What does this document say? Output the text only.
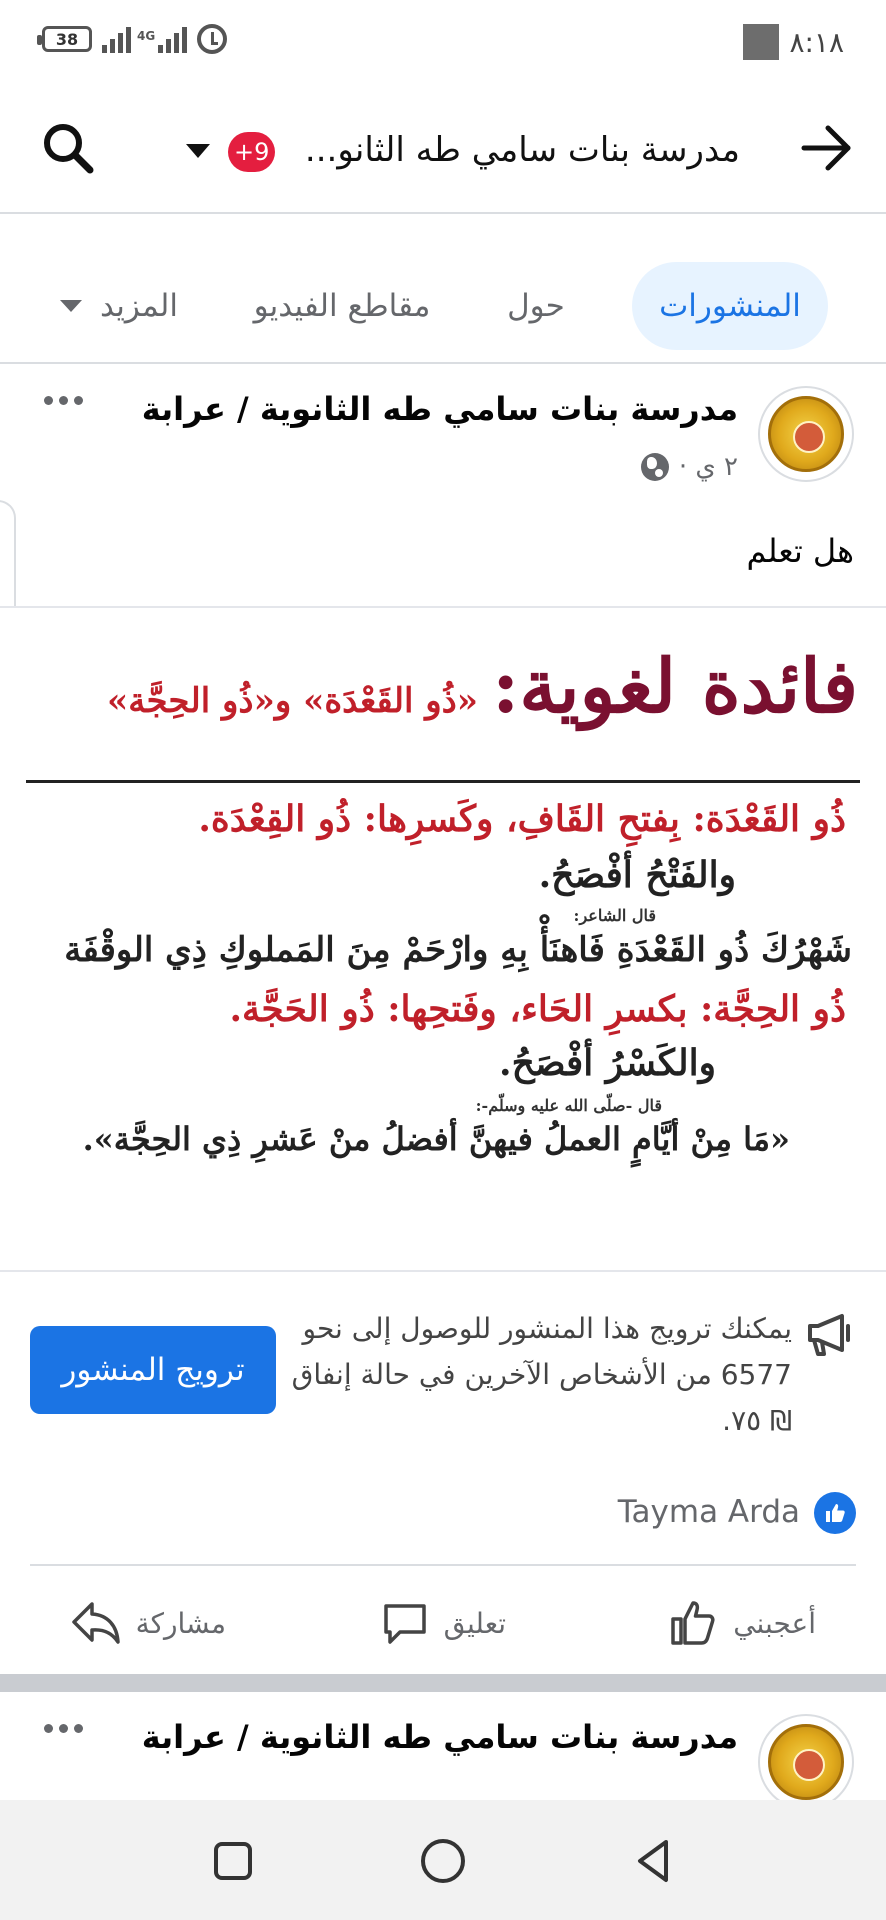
38	4G	٨:١٨
مدرسة بنات سامي طه الثانو...
+9
المنشورات
حول
مقاطع الفيديو
المزيد
مدرسة بنات سامي طه الثانوية / عرابة
٢ ي ·
هل تعلم
فائدة لغوية:
«ذُو القَعْدَة» و«ذُو الحِجَّة»
ذُو القَعْدَة: بِفتحِ القَافِ، وكَسرِها: ذُو القِعْدَة.
والفَتْحُ أفْصَحُ.
قال الشاعر:
شَهْرُكَ ذُو القَعْدَةِ فَاهنَأْ بِهِ وارْحَمْ مِنَ المَملوكِ ذِي الوقْفَة
ذُو الحِجَّة: بكسرِ الحَاء، وفَتحِها: ذُو الحَجَّة.
والكَسْرُ أفْصَحُ.
قال -صلّى الله عليه وسلّم-:
«مَا مِنْ أيَّامٍ العملُ فيهنَّ أفضلُ منْ عَشرِ ذِي الحِجَّة».
يمكنك ترويج هذا المنشور للوصول إلى نحو 6577 من الأشخاص الآخرين في حالة إنفاق ₪ ٧٥.
ترويج المنشور
Tayma Arda
أعجبني
تعليق
مشاركة
مدرسة بنات سامي طه الثانوية / عرابة
